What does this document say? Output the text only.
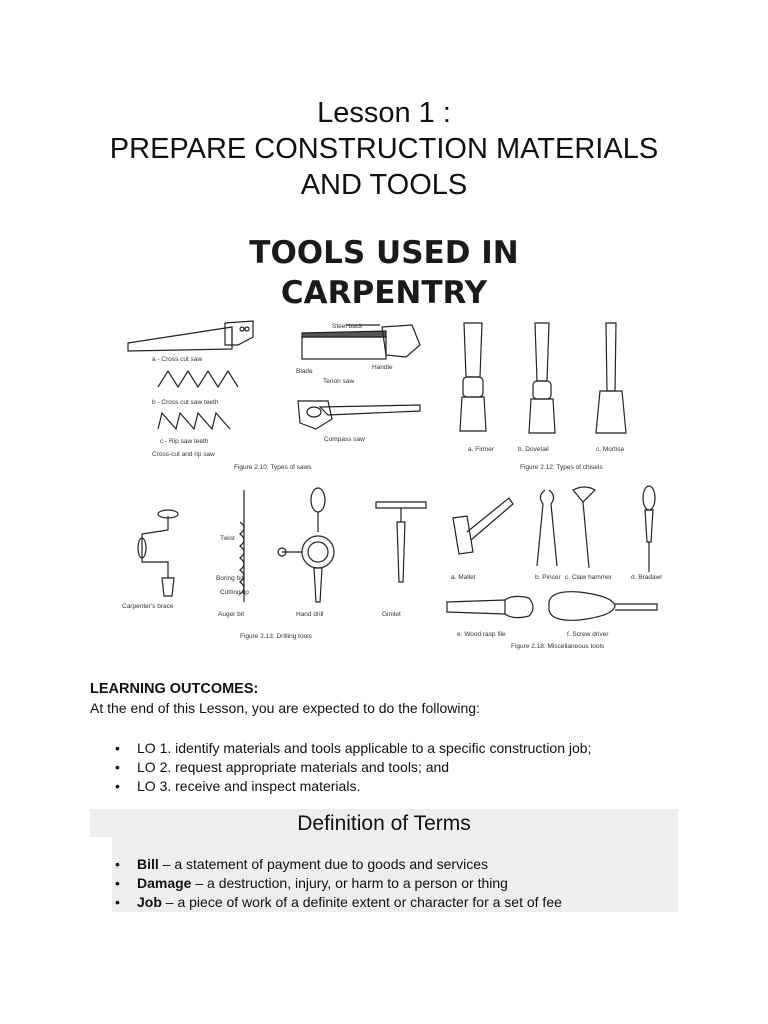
Lesson 1 :
PREPARE CONSTRUCTION MATERIALS
AND TOOLS
TOOLS USED IN
CARPENTRY
a - Cross cut saw
b - Cross cut saw teeth
c - Rip saw teeth
Cross-cut and rip saw
Steel back
Blade
Handle
Tenon saw
Compass saw
Figure 2.10: Types of saws
a. Firmer	b. Dovetail	c. Mortise
Figure 2.12: Types of chisels
Carpenter's brace
Auger bit	Hand drill	Gimlet
Twist
Boring bit
Cutting lip
Figure 2.13: Drilling tools
a. Mallet	b. Pincer c. Claw hammer	d. Bradawl
e. Wood rasp file	f. Screw driver
Figure 2.18: Miscellaneous tools
LEARNING OUTCOMES:
At the end of this Lesson, you are expected to do the following:
• LO 1. identify materials and tools applicable to a specific construction job;
• LO 2. request appropriate materials and tools; and
• LO 3. receive and inspect materials.
Definition of Terms
• Bill – a statement of payment due to goods and services
• Damage – a destruction, injury, or harm to a person or thing
• Job – a piece of work of a definite extent or character for a set of fee
